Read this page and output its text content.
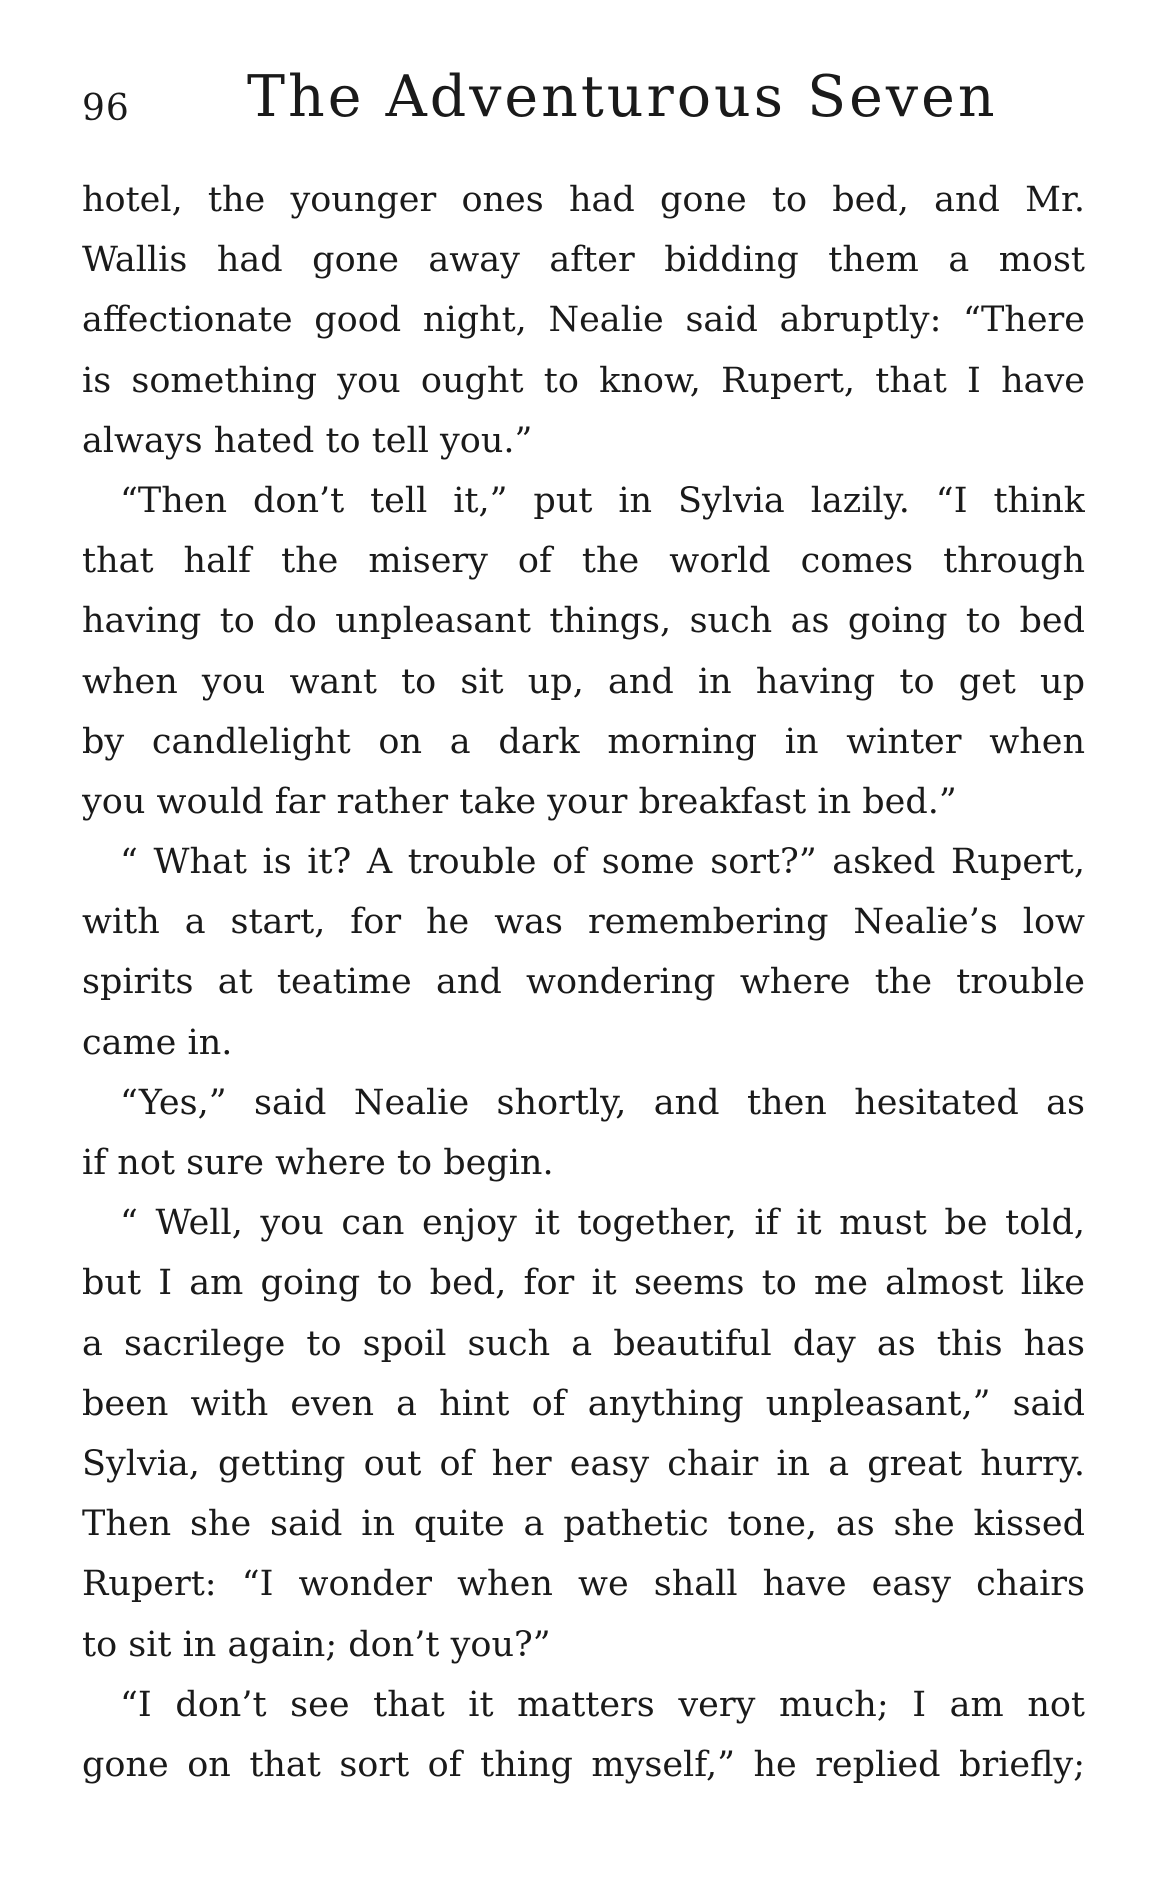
96 The Adventurous Seven
hotel, the younger ones had gone to bed, and Mr.
Wallis had gone away after bidding them a most
affectionate good night, Nealie said abruptly: “There
is something you ought to know, Rupert, that I have
always hated to tell you.”
“Then don’t tell it,” put in Sylvia lazily. “I think
that half the misery of the world comes through
having to do unpleasant things, such as going to bed
when you want to sit up, and in having to get up
by candlelight on a dark morning in winter when
you would far rather take your breakfast in bed.”
“ What is it? A trouble of some sort?” asked Rupert,
with a start, for he was remembering Nealie’s low
spirits at teatime and wondering where the trouble
came in.
“Yes,” said Nealie shortly, and then hesitated as
if not sure where to begin.
“ Well, you can enjoy it together, if it must be told,
but I am going to bed, for it seems to me almost like
a sacrilege to spoil such a beautiful day as this has
been with even a hint of anything unpleasant,” said
Sylvia, getting out of her easy chair in a great hurry.
Then she said in quite a pathetic tone, as she kissed
Rupert: “I wonder when we shall have easy chairs
to sit in again; don’t you?”
“I don’t see that it matters very much; I am not
gone on that sort of thing myself,” he replied briefly;
